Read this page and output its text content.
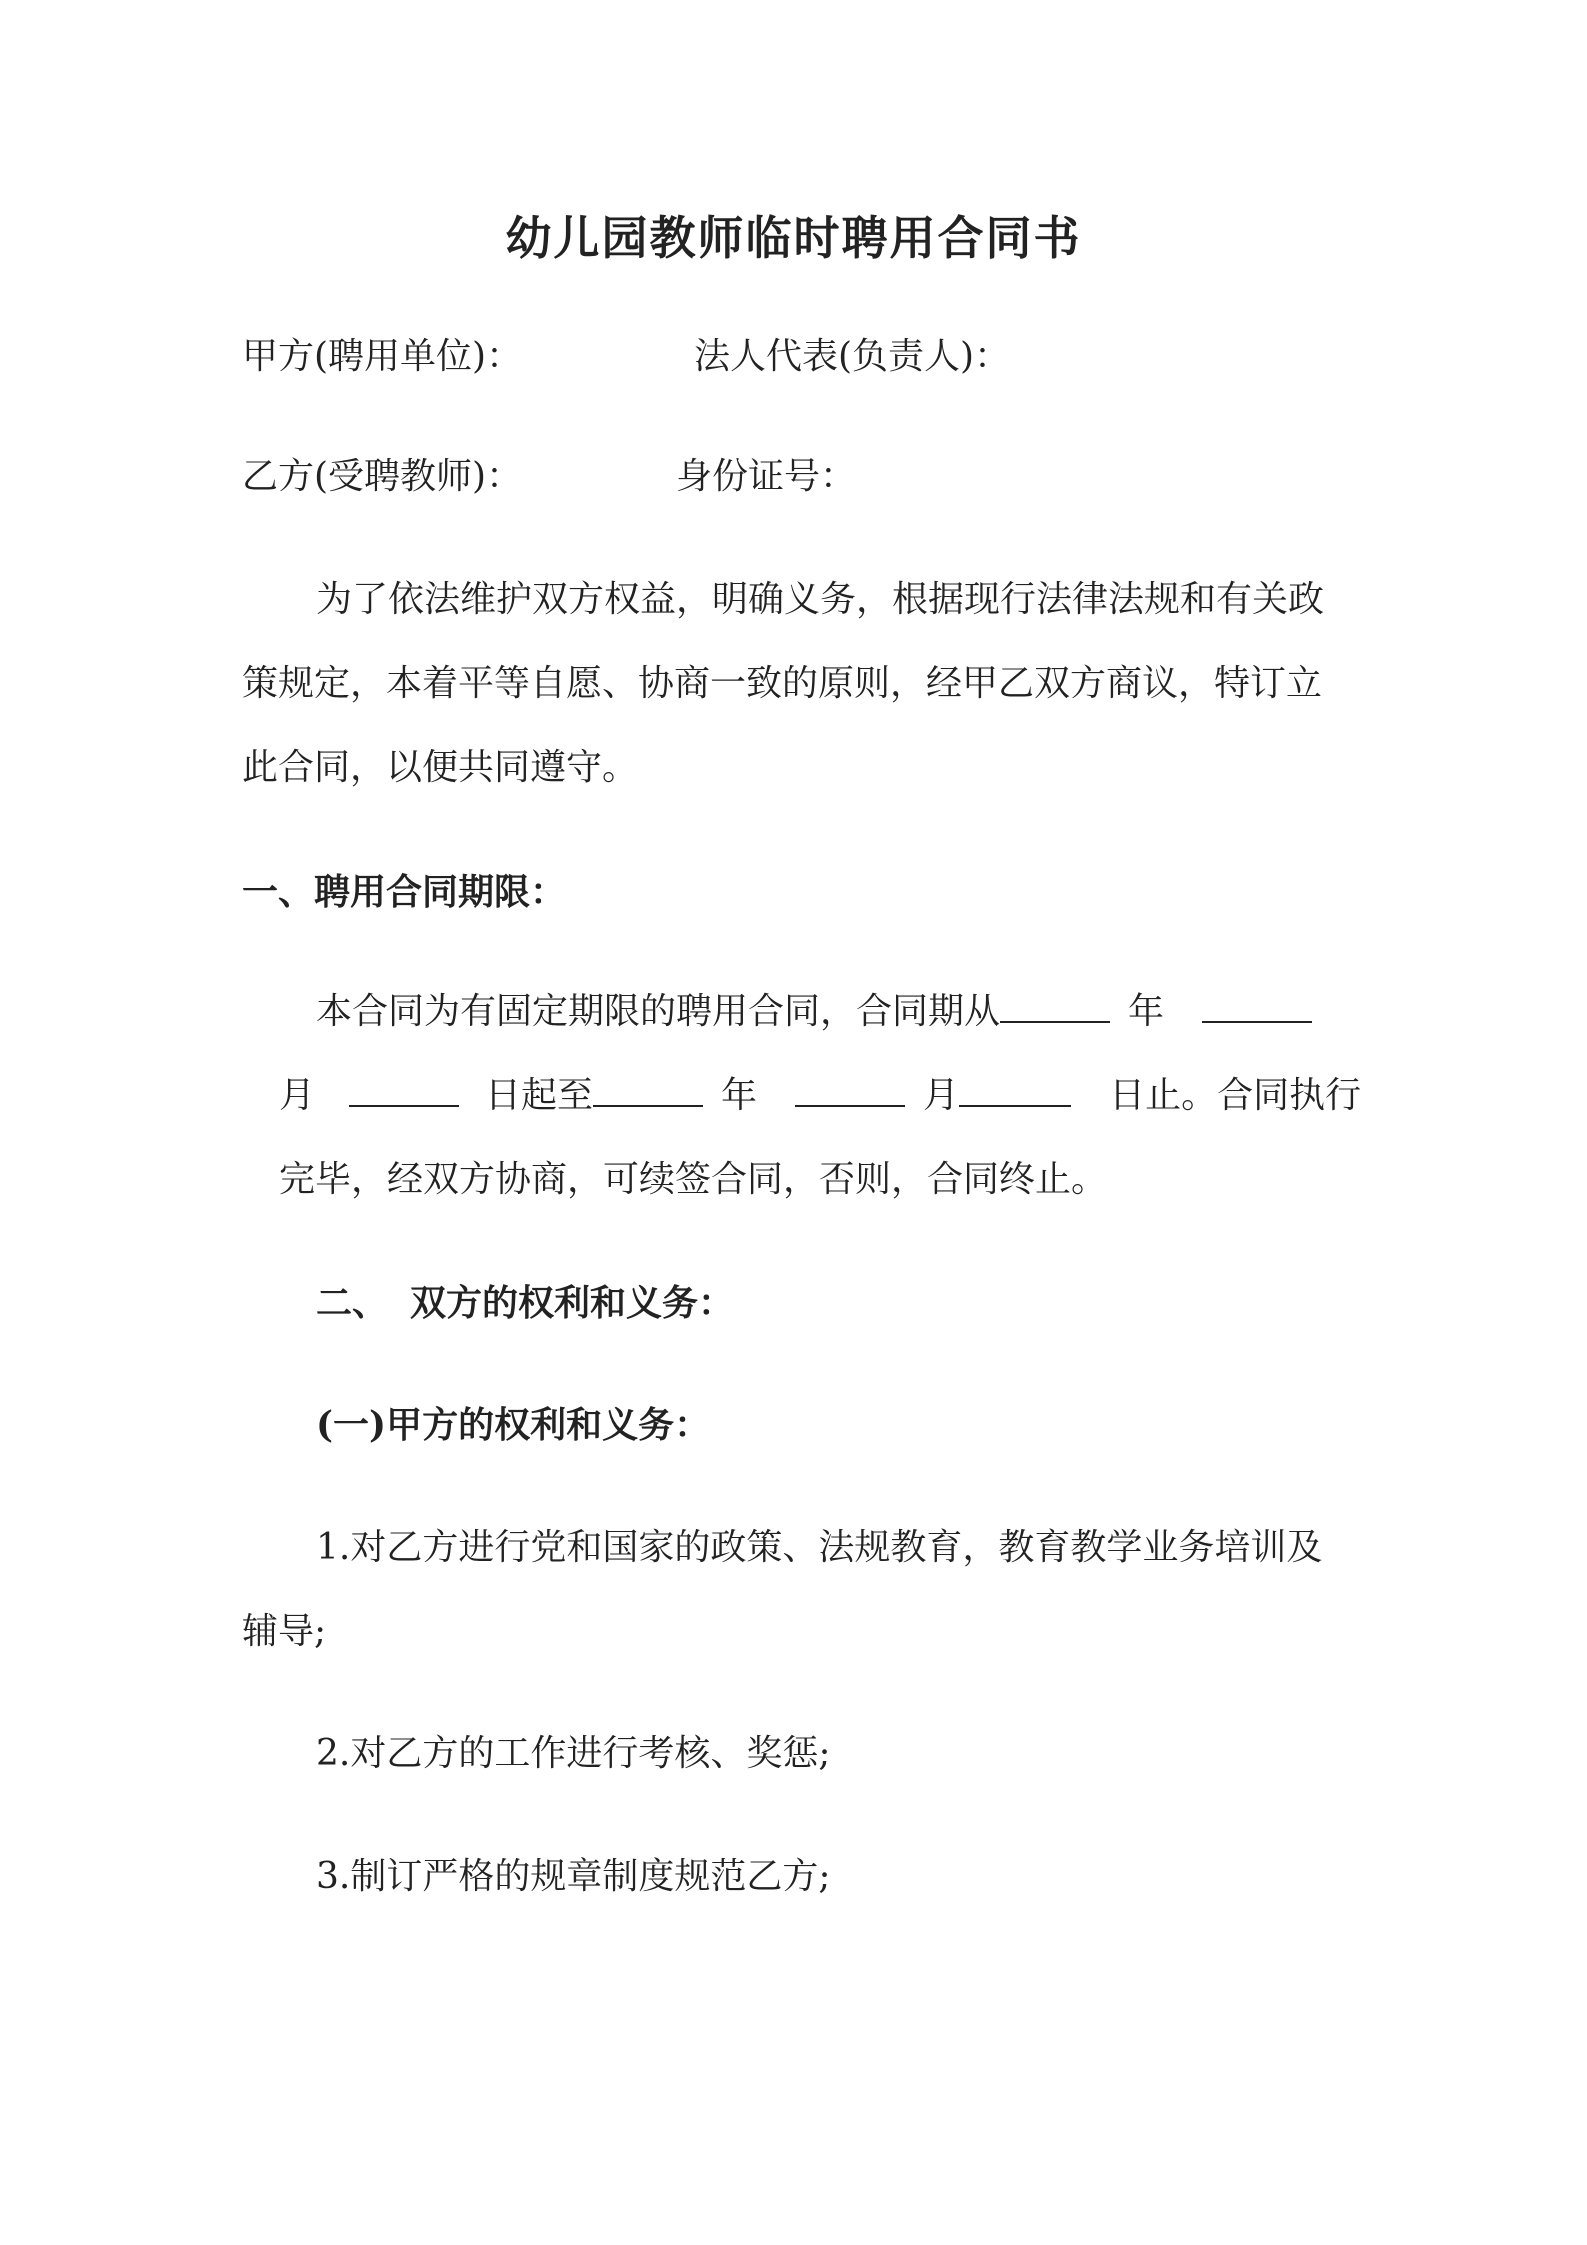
幼儿园教师临时聘用合同书
甲方(聘用单位)：	法人代表(负责人)：
乙方(受聘教师)：	身份证号：
为了依法维护双方权益，明确义务，根据现行法律法规和有关政
策规定，本着平等自愿、协商一致的原则，经甲乙双方商议，特订立
此合同，以便共同遵守。
一、聘用合同期限：
本合同为有固定期限的聘用合同，合同期从	年
月	日起至	年	月	日止。合同执行
完毕，经双方协商，可续签合同，否则，合同终止。
二、 双方的权利和义务：
(一)甲方的权利和义务：
1.对乙方进行党和国家的政策、法规教育，教育教学业务培训及
辅导;
2.对乙方的工作进行考核、奖惩;
3.制订严格的规章制度规范乙方;
